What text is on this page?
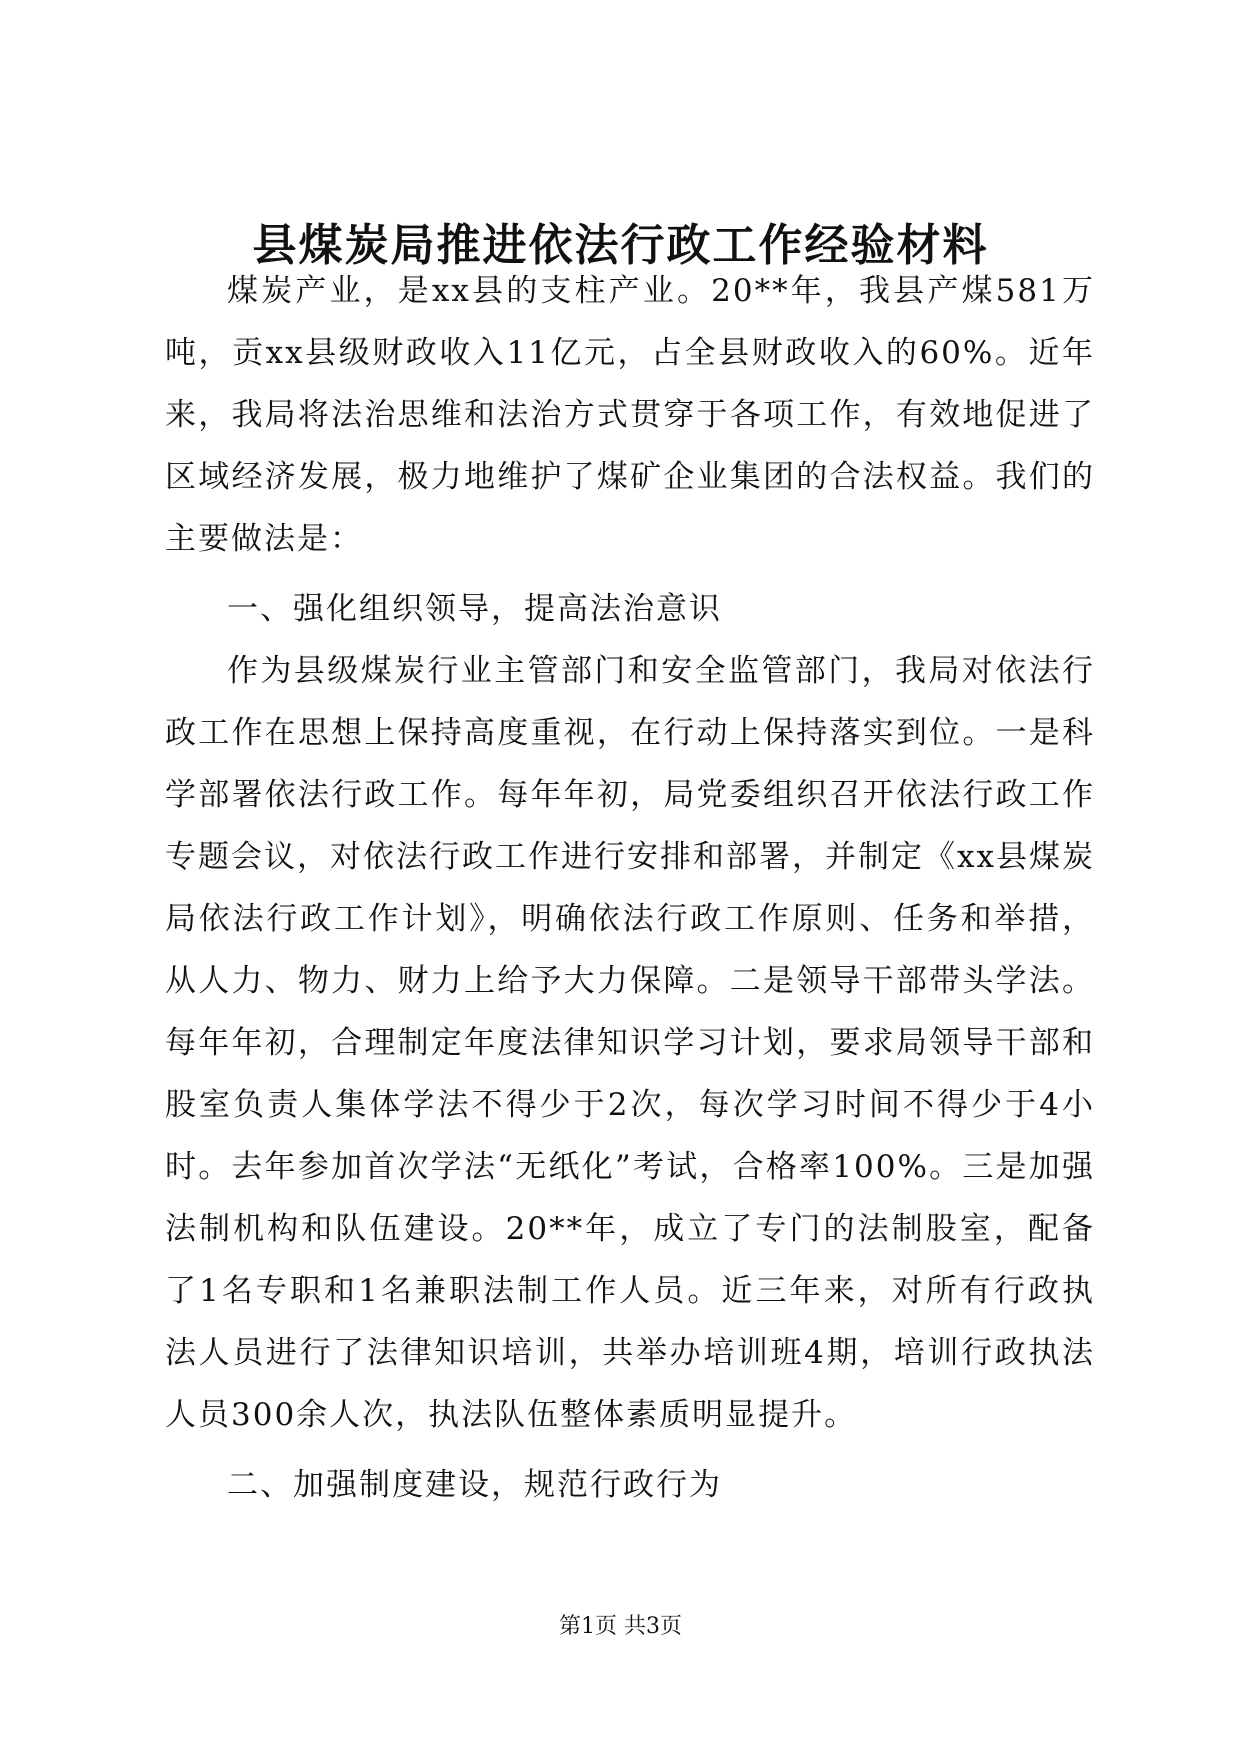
县煤炭局推进依法行政工作经验材料

煤炭产业，是xx县的支柱产业。20**年，我县产煤581万吨，贡xx县级财政收入11亿元，占全县财政收入的60%。近年来，我局将法治思维和法治方式贯穿于各项工作，有效地促进了区域经济发展，极力地维护了煤矿企业集团的合法权益。我们的主要做法是：

一、强化组织领导，提高法治意识

作为县级煤炭行业主管部门和安全监管部门，我局对依法行政工作在思想上保持高度重视，在行动上保持落实到位。一是科学部署依法行政工作。每年年初，局党委组织召开依法行政工作专题会议，对依法行政工作进行安排和部署，并制定《xx县煤炭局依法行政工作计划》，明确依法行政工作原则、任务和举措，从人力、物力、财力上给予大力保障。二是领导干部带头学法。每年年初，合理制定年度法律知识学习计划，要求局领导干部和股室负责人集体学法不得少于2次，每次学习时间不得少于4小时。去年参加首次学法“无纸化”考试，合格率100%。三是加强法制机构和队伍建设。20**年，成立了专门的法制股室，配备了1名专职和1名兼职法制工作人员。近三年来，对所有行政执法人员进行了法律知识培训，共举办培训班4期，培训行政执法人员300余人次，执法队伍整体素质明显提升。

二、加强制度建设，规范行政行为

第1页 共3页
